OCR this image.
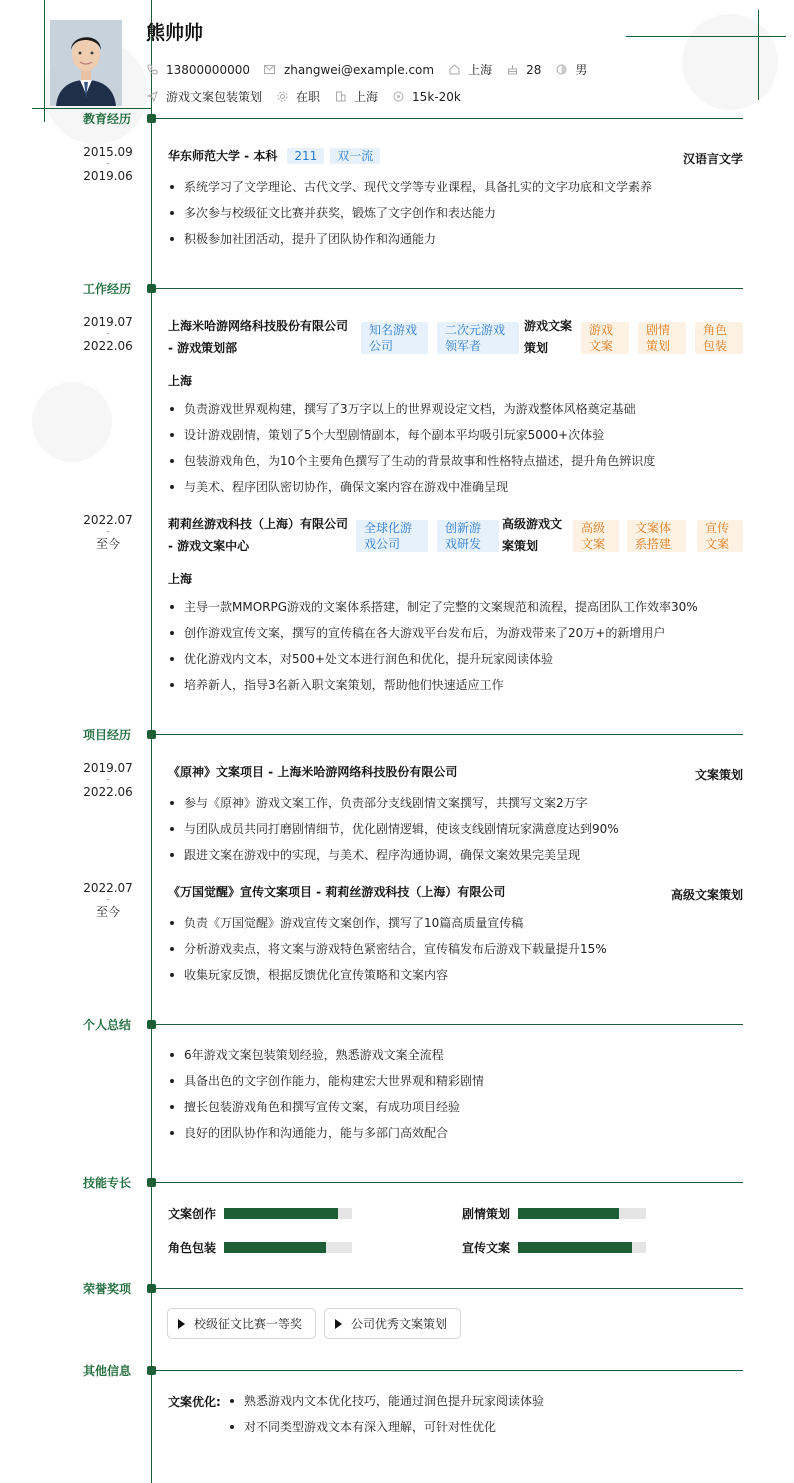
熊帅帅
13800000000	zhangwei@example.com	上海	28	男
游戏文案包装策划	在职	上海	15k-20k
教育经历
2015.09
-
2019.06
华东师范大学 - 本科 211 双一流	汉语言文学
系统学习了文学理论、古代文学、现代文学等专业课程，具备扎实的文字功底和文学素养
多次参与校级征文比赛并获奖，锻炼了文字创作和表达能力
积极参加社团活动，提升了团队协作和沟通能力
工作经历
2019.07
-
2022.06
上海米哈游网络科技股份有限公司
- 游戏策划部
知名游戏公司
二次元游戏领军者
游戏文案策划
游戏文案
剧情策划
角色包装
上海
负责游戏世界观构建，撰写了3万字以上的世界观设定文档，为游戏整体风格奠定基础
设计游戏剧情，策划了5个大型剧情副本，每个副本平均吸引玩家5000+次体验
包装游戏角色，为10个主要角色撰写了生动的背景故事和性格特点描述，提升角色辨识度
与美术、程序团队密切协作，确保文案内容在游戏中准确呈现
2022.07
-
至今
莉莉丝游戏科技（上海）有限公司
- 游戏文案中心
全球化游戏公司
创新游戏研发
高级游戏文案策划
高级文案
文案体系搭建
宣传文案
上海
主导一款MMORPG游戏的文案体系搭建，制定了完整的文案规范和流程，提高团队工作效率30%
创作游戏宣传文案，撰写的宣传稿在各大游戏平台发布后，为游戏带来了20万+的新增用户
优化游戏内文本，对500+处文本进行润色和优化，提升玩家阅读体验
培养新人，指导3名新入职文案策划，帮助他们快速适应工作
项目经历
2019.07
-
2022.06
《原神》文案项目 - 上海米哈游网络科技股份有限公司	文案策划
参与《原神》游戏文案工作，负责部分支线剧情文案撰写，共撰写文案2万字
与团队成员共同打磨剧情细节，优化剧情逻辑，使该支线剧情玩家满意度达到90%
跟进文案在游戏中的实现，与美术、程序沟通协调，确保文案效果完美呈现
2022.07
-
至今
《万国觉醒》宣传文案项目 - 莉莉丝游戏科技（上海）有限公司	高级文案策划
负责《万国觉醒》游戏宣传文案创作，撰写了10篇高质量宣传稿
分析游戏卖点，将文案与游戏特色紧密结合，宣传稿发布后游戏下载量提升15%
收集玩家反馈，根据反馈优化宣传策略和文案内容
个人总结
6年游戏文案包装策划经验，熟悉游戏文案全流程
具备出色的文字创作能力，能构建宏大世界观和精彩剧情
擅长包装游戏角色和撰写宣传文案，有成功项目经验
良好的团队协作和沟通能力，能与多部门高效配合
技能专长
文案创作	剧情策划
角色包装	宣传文案
荣誉奖项
校级征文比赛一等奖	公司优秀文案策划
其他信息
文案优化:	熟悉游戏内文本优化技巧，能通过润色提升玩家阅读体验
对不同类型游戏文本有深入理解，可针对性优化
